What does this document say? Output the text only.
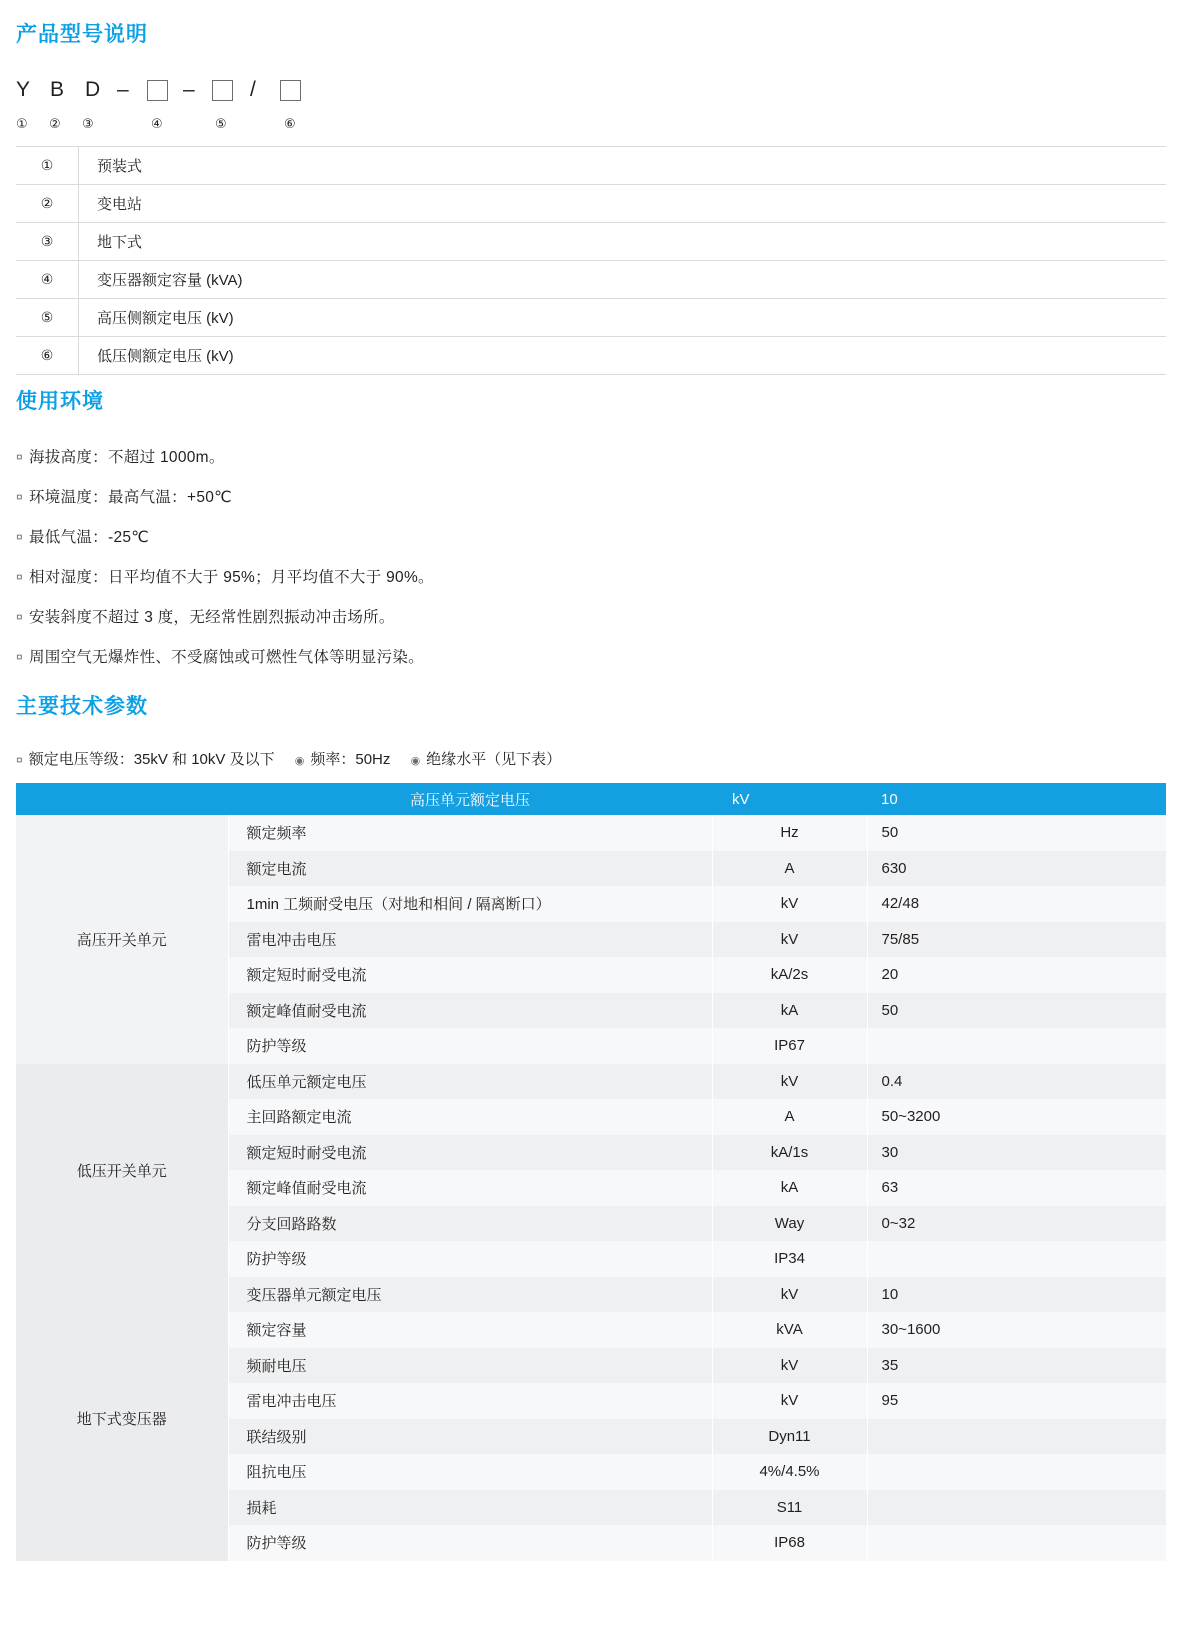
产品型号说明
Y B D –	–	/
① ② ③	④	⑤	⑥
①	预装式
②	变电站
③	地下式
④	变压器额定容量 (kVA)
⑤	高压侧额定电压 (kV)
⑥	低压侧额定电压 (kV)
使用环境
¤ 海拔高度：不超过 1000m。
¤ 环境温度：最高气温：+50℃
¤ 最低气温：-25℃
¤ 相对湿度：日平均值不大于 95%；月平均值不大于 90%。
¤ 安装斜度不超过 3 度，无经常性剧烈振动冲击场所。
¤ 周围空气无爆炸性、不受腐蚀或可燃性气体等明显污染。
主要技术参数
¤ 额定电压等级：35kV 和 10kV 及以下 ◉ 频率：50Hz ◉ 绝缘水平（见下表）
	高压单元额定电压	kV	10
高压开关单元	额定频率	Hz	50
	额定电流	A	630
	1min 工频耐受电压（对地和相间 / 隔离断口）	kV	42/48
	雷电冲击电压	kV	75/85
	额定短时耐受电流	kA/2s	20
	额定峰值耐受电流	kA	50
	防护等级	IP67	
低压开关单元	低压单元额定电压	kV	0.4
	主回路额定电流	A	50~3200
	额定短时耐受电流	kA/1s	30
	额定峰值耐受电流	kA	63
	分支回路路数	Way	0~32
	防护等级	IP34	
地下式变压器	变压器单元额定电压	kV	10
	额定容量	kVA	30~1600
	频耐电压	kV	35
	雷电冲击电压	kV	95
	联结级别	Dyn11	
	阻抗电压	4%/4.5%	
	损耗	S11	
	防护等级	IP68	
